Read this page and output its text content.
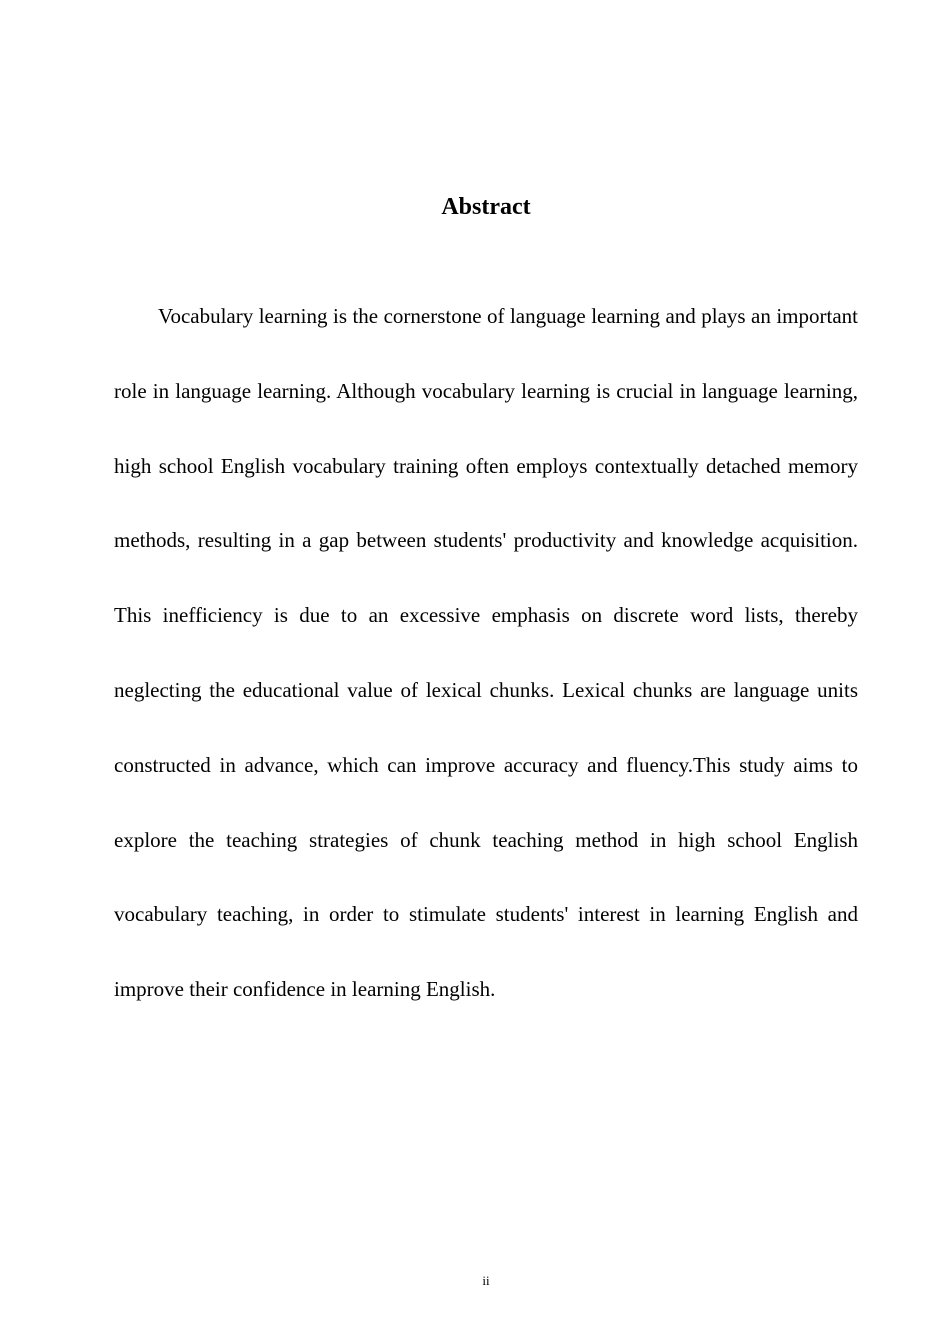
Abstract

Vocabulary learning is the cornerstone of language learning and plays an important role in language learning. Although vocabulary learning is crucial in language learning, high school English vocabulary training often employs contextually detached memory methods, resulting in a gap between students' productivity and knowledge acquisition. This inefficiency is due to an excessive emphasis on discrete word lists, thereby neglecting the educational value of lexical chunks. Lexical chunks are language units constructed in advance, which can improve accuracy and fluency.This study aims to explore the teaching strategies of chunk teaching method in high school English vocabulary teaching, in order to stimulate students' interest in learning English and improve their confidence in learning English.

ii
